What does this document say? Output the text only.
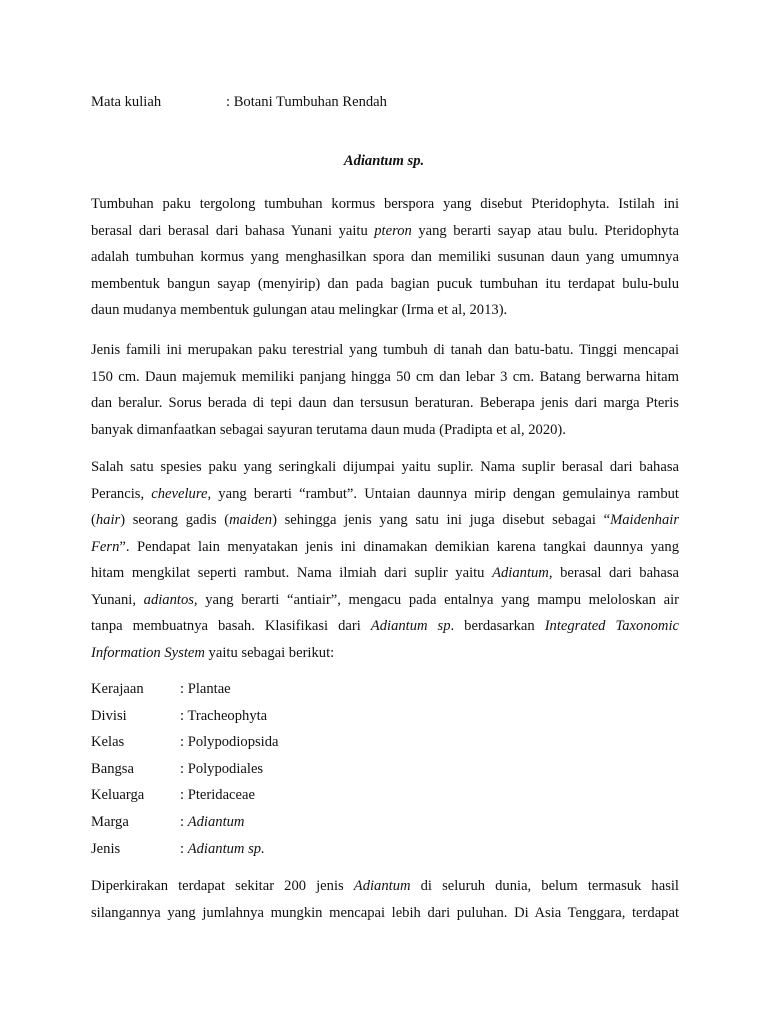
Mata kuliah	: Botani Tumbuhan Rendah
Adiantum sp.
Tumbuhan paku tergolong tumbuhan kormus berspora yang disebut Pteridophyta. Istilah ini
berasal dari berasal dari bahasa Yunani yaitu pteron yang berarti sayap atau bulu. Pteridophyta
adalah tumbuhan kormus yang menghasilkan spora dan memiliki susunan daun yang umumnya
membentuk bangun sayap (menyirip) dan pada bagian pucuk tumbuhan itu terdapat bulu-bulu
daun mudanya membentuk gulungan atau melingkar (Irma et al, 2013).
Jenis famili ini merupakan paku terestrial yang tumbuh di tanah dan batu-batu. Tinggi mencapai
150 cm. Daun majemuk memiliki panjang hingga 50 cm dan lebar 3 cm. Batang berwarna hitam
dan beralur. Sorus berada di tepi daun dan tersusun beraturan. Beberapa jenis dari marga Pteris
banyak dimanfaatkan sebagai sayuran terutama daun muda (Pradipta et al, 2020).
Salah satu spesies paku yang seringkali dijumpai yaitu suplir. Nama suplir berasal dari bahasa
Perancis, chevelure, yang berarti “rambut”. Untaian daunnya mirip dengan gemulainya rambut
(hair) seorang gadis (maiden) sehingga jenis yang satu ini juga disebut sebagai “Maidenhair
Fern”. Pendapat lain menyatakan jenis ini dinamakan demikian karena tangkai daunnya yang
hitam mengkilat seperti rambut. Nama ilmiah dari suplir yaitu Adiantum, berasal dari bahasa
Yunani, adiantos, yang berarti “antiair”, mengacu pada entalnya yang mampu meloloskan air
tanpa membuatnya basah. Klasifikasi dari Adiantum sp. berdasarkan Integrated Taxonomic
Information System yaitu sebagai berikut:
Kerajaan	: Plantae
Divisi	: Tracheophyta
Kelas	: Polypodiopsida
Bangsa	: Polypodiales
Keluarga	: Pteridaceae
Marga	: Adiantum
Jenis	: Adiantum sp.
Diperkirakan terdapat sekitar 200 jenis Adiantum di seluruh dunia, belum termasuk hasil
silangannya yang jumlahnya mungkin mencapai lebih dari puluhan. Di Asia Tenggara, terdapat
